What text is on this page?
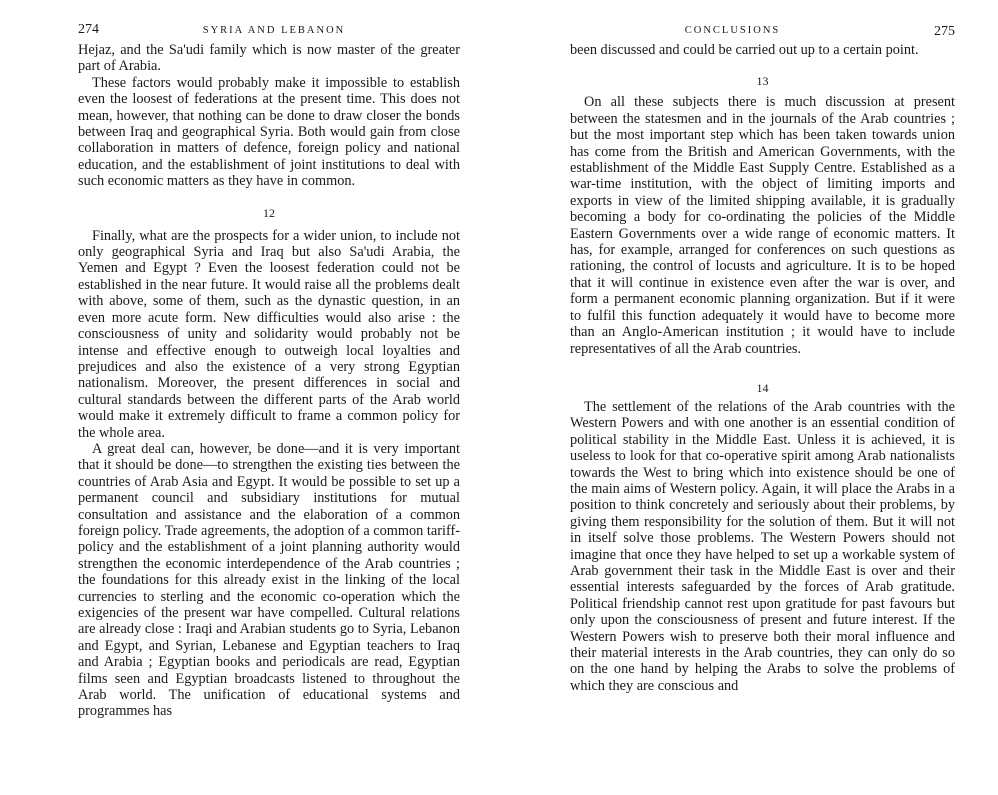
274	SYRIA AND LEBANON

Hejaz, and the Sa'udi family which is now master of the greater part of Arabia.

These factors would probably make it impossible to establish even the loosest of federations at the present time. This does not mean, however, that nothing can be done to draw closer the bonds between Iraq and geographical Syria. Both would gain from close collaboration in matters of defence, foreign policy and national education, and the establishment of joint institutions to deal with such economic matters as they have in common.

12

Finally, what are the prospects for a wider union, to include not only geographical Syria and Iraq but also Sa'udi Arabia, the Yemen and Egypt ? Even the loosest federation could not be established in the near future. It would raise all the problems dealt with above, some of them, such as the dynastic question, in an even more acute form. New difficulties would also arise : the consciousness of unity and solidarity would probably not be intense and effective enough to outweigh local loyalties and prejudices and also the existence of a very strong Egyptian nationalism. Moreover, the present differences in social and cultural standards between the different parts of the Arab world would make it extremely difficult to frame a common policy for the whole area.

A great deal can, however, be done—and it is very important that it should be done—to strengthen the existing ties between the countries of Arab Asia and Egypt. It would be possible to set up a permanent council and subsidiary institutions for mutual consultation and assistance and the elaboration of a common foreign policy. Trade agreements, the adoption of a common tariff-policy and the establishment of a joint planning authority would strengthen the economic interdependence of the Arab countries ; the foundations for this already exist in the linking of the local currencies to sterling and the economic co-operation which the exigencies of the present war have compelled. Cultural relations are already close : Iraqi and Arabian students go to Syria, Lebanon and Egypt, and Syrian, Lebanese and Egyptian teachers to Iraq and Arabia ; Egyptian books and periodicals are read, Egyptian films seen and Egyptian broadcasts listened to throughout the Arab world. The unification of educational systems and programmes has

CONCLUSIONS	275

been discussed and could be carried out up to a certain point.

13

On all these subjects there is much discussion at present between the statesmen and in the journals of the Arab countries ; but the most important step which has been taken towards union has come from the British and American Governments, with the establishment of the Middle East Supply Centre. Established as a war-time institution, with the object of limiting imports and exports in view of the limited shipping available, it is gradually becoming a body for co-ordinating the policies of the Middle Eastern Governments over a wide range of economic matters. It has, for example, arranged for conferences on such questions as rationing, the control of locusts and agriculture. It is to be hoped that it will continue in existence even after the war is over, and form a permanent economic planning organization. But if it were to fulfil this function adequately it would have to become more than an Anglo-American institution ; it would have to include representatives of all the Arab countries.

14

The settlement of the relations of the Arab countries with the Western Powers and with one another is an essential condition of political stability in the Middle East. Unless it is achieved, it is useless to look for that co-operative spirit among Arab nationalists towards the West to bring which into existence should be one of the main aims of Western policy. Again, it will place the Arabs in a position to think concretely and seriously about their problems, by giving them responsibility for the solution of them. But it will not in itself solve those problems. The Western Powers should not imagine that once they have helped to set up a workable system of Arab government their task in the Middle East is over and their essential interests safeguarded by the forces of Arab gratitude. Political friendship cannot rest upon gratitude for past favours but only upon the consciousness of present and future interest. If the Western Powers wish to preserve both their moral influence and their material interests in the Arab countries, they can only do so on the one hand by helping the Arabs to solve the problems of which they are conscious and
